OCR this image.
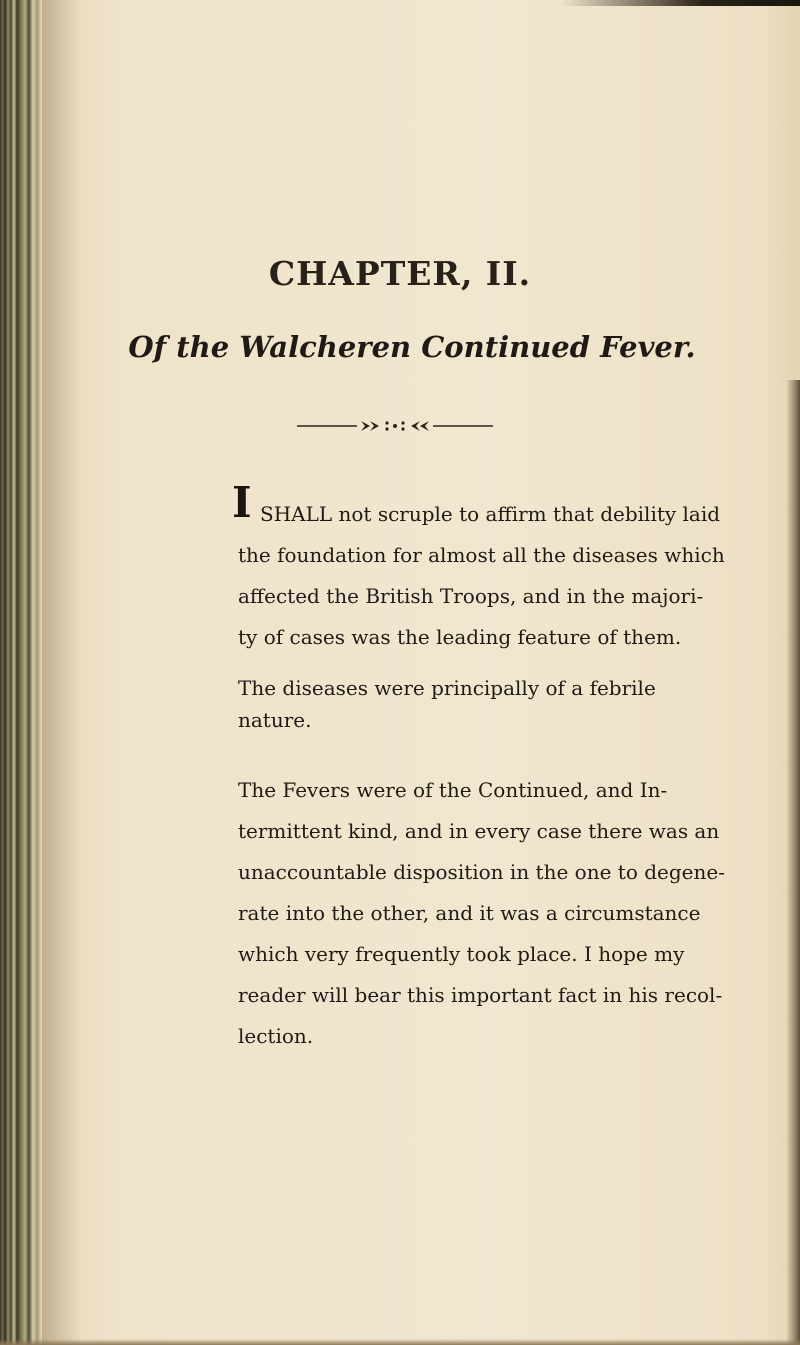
CHAPTER, II.
Of the Walcheren Continued Fever.
I SHALL not scruple to affirm that debility laid
the foundation for almost all the diseases which
affected the British Troops, and in the majori-
ty of cases was the leading feature of them.
The diseases were principally of a febrile
nature.
The Fevers were of the Continued, and In-
termittent kind, and in every case there was an
unaccountable disposition in the one to degene-
rate into the other, and it was a circumstance
which very frequently took place. I hope my
reader will bear this important fact in his recol-
lection.
